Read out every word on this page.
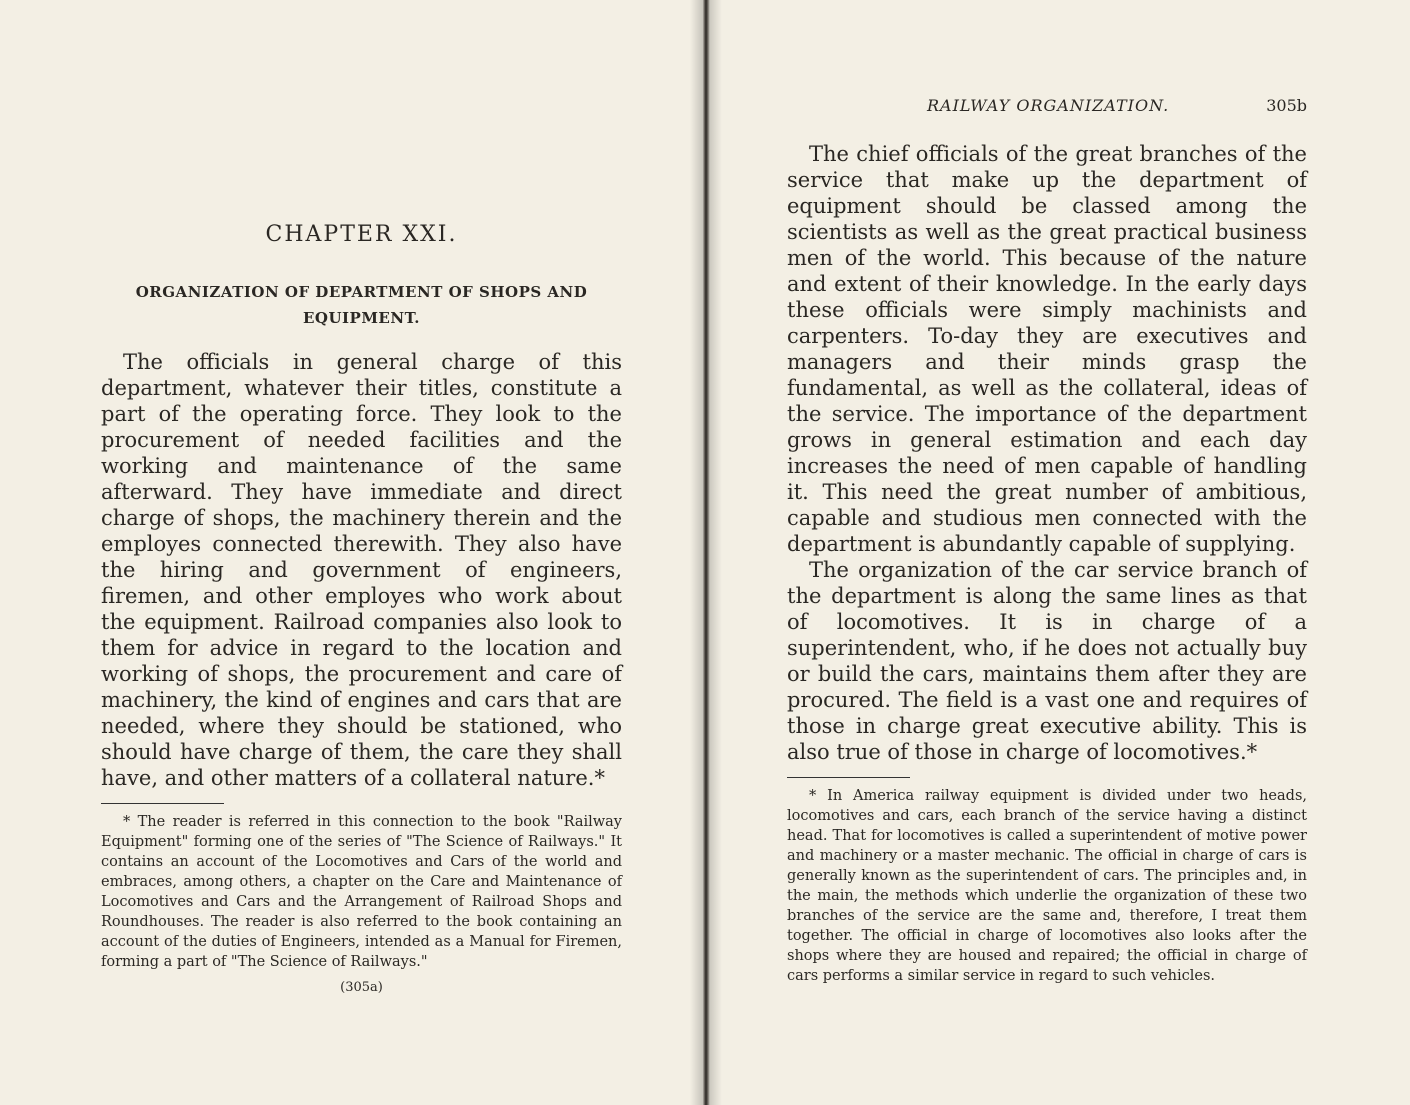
CHAPTER XXI.
ORGANIZATION OF DEPARTMENT OF SHOPS AND EQUIPMENT.

The officials in general charge of this department, whatever their titles, constitute a part of the operating force. They look to the procurement of needed facilities and the working and maintenance of the same afterward. They have immediate and direct charge of shops, the machinery therein and the employes connected therewith. They also have the hiring and government of engineers, firemen, and other employes who work about the equipment. Railroad companies also look to them for advice in regard to the location and working of shops, the procurement and care of machinery, the kind of engines and cars that are needed, where they should be stationed, who should have charge of them, the care they shall have, and other matters of a collateral nature.*

* The reader is referred in this connection to the book "Railway Equipment" forming one of the series of "The Science of Railways." It contains an account of the Locomotives and Cars of the world and embraces, among others, a chapter on the Care and Maintenance of Locomotives and Cars and the Arrangement of Railroad Shops and Roundhouses. The reader is also referred to the book containing an account of the duties of Engineers, intended as a Manual for Firemen, forming a part of "The Science of Railways."

(305a)
RAILWAY ORGANIZATION.	305b

The chief officials of the great branches of the service that make up the department of equipment should be classed among the scientists as well as the great practical business men of the world. This because of the nature and extent of their knowledge. In the early days these officials were simply machinists and carpenters. To-day they are executives and managers and their minds grasp the fundamental, as well as the collateral, ideas of the service. The importance of the department grows in general estimation and each day increases the need of men capable of handling it. This need the great number of ambitious, capable and studious men connected with the department is abundantly capable of supplying.

The organization of the car service branch of the department is along the same lines as that of locomotives. It is in charge of a superintendent, who, if he does not actually buy or build the cars, maintains them after they are procured. The field is a vast one and requires of those in charge great executive ability. This is also true of those in charge of locomotives.*

* In America railway equipment is divided under two heads, locomotives and cars, each branch of the service having a distinct head. That for locomotives is called a superintendent of motive power and machinery or a master mechanic. The official in charge of cars is generally known as the superintendent of cars. The principles and, in the main, the methods which underlie the organization of these two branches of the service are the same and, therefore, I treat them together. The official in charge of locomotives also looks after the shops where they are housed and repaired; the official in charge of cars performs a similar service in regard to such vehicles.
